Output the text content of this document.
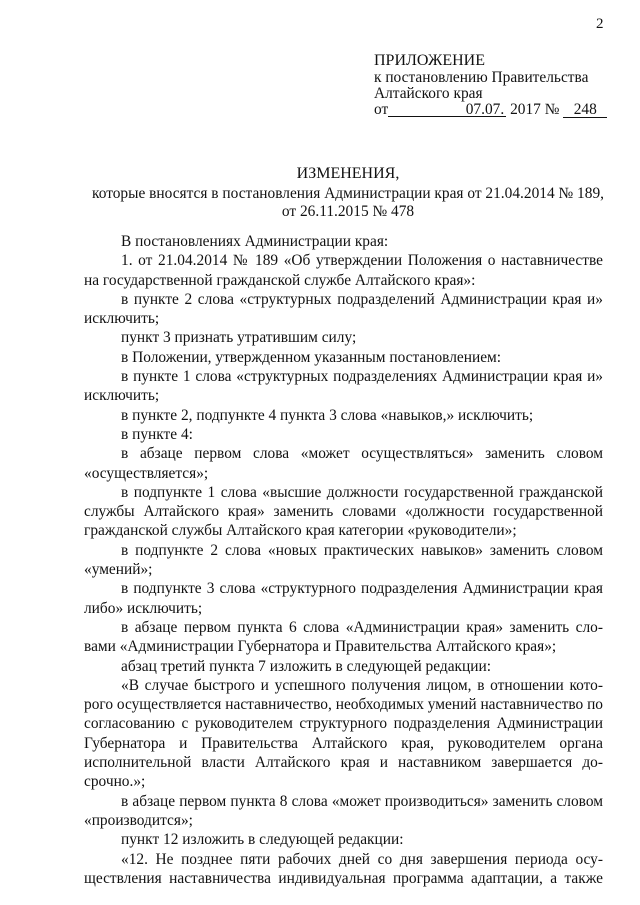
2
ПРИЛОЖЕНИЕ
к постановлению Правительства
Алтайского края
от	07.07. 2017 № 248
ИЗМЕНЕНИЯ,
которые вносятся в постановления Администрации края от 21.04.2014 № 189,
от 26.11.2015 № 478

В постановлениях Администрации края:

1. от 21.04.2014 № 189 «Об утверждении Положения о наставничестве на государственной гражданской службе Алтайского края»:

в пункте 2 слова «структурных подразделений Администрации края и» исключить;

пункт 3 признать утратившим силу;

в Положении, утвержденном указанным постановлением:

в пункте 1 слова «структурных подразделениях Администрации края и» исключить;

в пункте 2, подпункте 4 пункта 3 слова «навыков,» исключить;

в пункте 4:

в абзаце первом слова «может осуществляться» заменить словом «осуществляется»;

в подпункте 1 слова «высшие должности государственной гражданской службы Алтайского края» заменить словами «должности государственной гражданской службы Алтайского края категории «руководители»;

в подпункте 2 слова «новых практических навыков» заменить словом «умений»;

в подпункте 3 слова «структурного подразделения Администрации края либо» исключить;

в абзаце первом пункта 6 слова «Администрации края» заменить словами «Администрации Губернатора и Правительства Алтайского края»;

абзац третий пункта 7 изложить в следующей редакции:

«В случае быстрого и успешного получения лицом, в отношении которого осуществляется наставничество, необходимых умений наставничество по согласованию с руководителем структурного подразделения Администрации Губернатора и Правительства Алтайского края, руководителем органа исполнительной власти Алтайского края и наставником завершается досрочно.»;

в абзаце первом пункта 8 слова «может производиться» заменить словом «производится»;

пункт 12 изложить в следующей редакции:

«12. Не позднее пяти рабочих дней со дня завершения периода осуществления наставничества индивидуальная программа адаптации, а также
